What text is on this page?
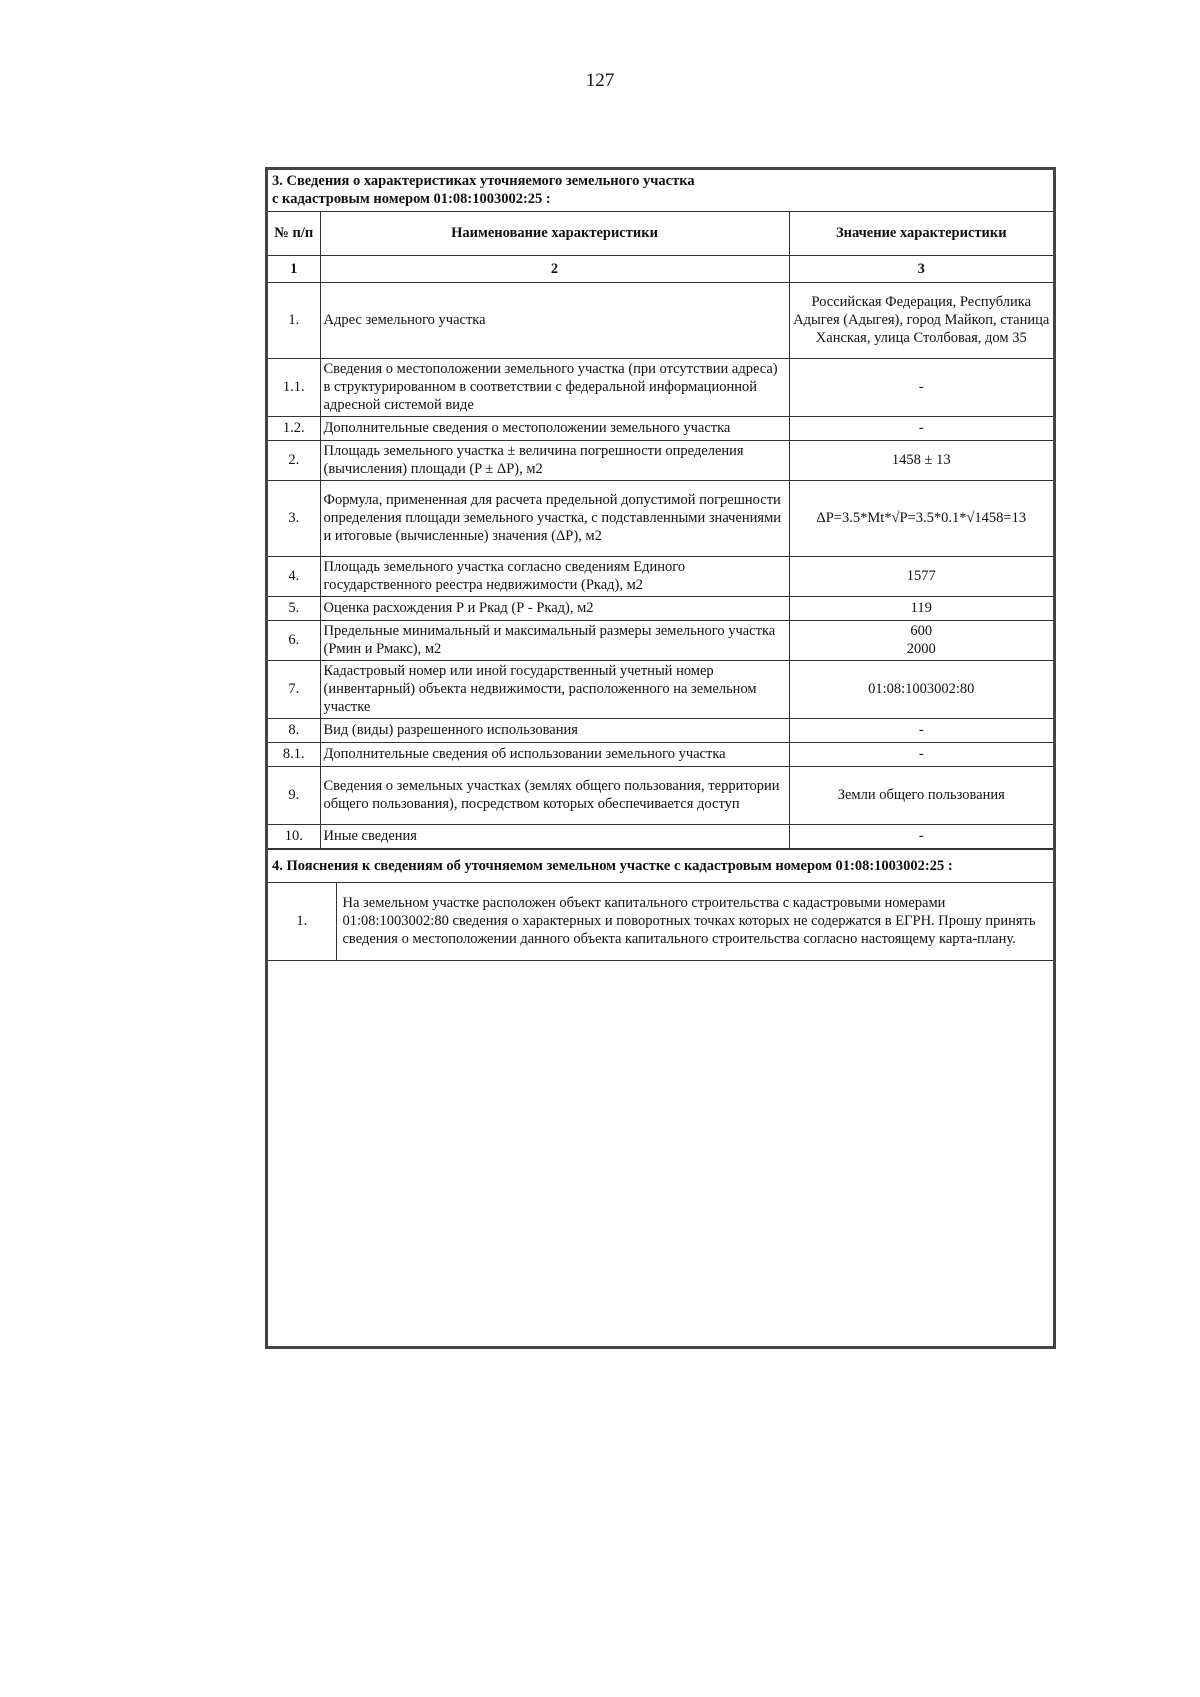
127
3. Сведения о характеристиках уточняемого земельного участка
с кадастровым номером 01:08:1003002:25 :		

№ п/п	Наименование характеристики	Значение характеристики
1	2	3
1.	Адрес земельного участка	Российская Федерация, Республика Адыгея (Адыгея), город Майкоп, станица Ханская, улица Столбовая, дом 35
1.1.	Сведения о местоположении земельного участка (при отсутствии адреса) в структурированном в соответствии с федеральной информационной адресной системой виде	-
1.2.	Дополнительные сведения о местоположении земельного участка	-
2.	Площадь земельного участка ± величина погрешности определения (вычисления) площади (P ± ΔP), м2	1458 ± 13
3.	Формула, примененная для расчета предельной допустимой погрешности определения площади земельного участка, с подставленными значениями и итоговые (вычисленные) значения (ΔP), м2	ΔP=3.5*Mt*√P=3.5*0.1*√1458=13
4.	Площадь земельного участка согласно сведениям Единого государственного реестра недвижимости (Ркад), м2	1577
5.	Оценка расхождения Р и Ркад (Р - Ркад), м2	119
6.	Предельные минимальный и максимальный размеры земельного участка (Рмин и Рмакс), м2	600
2000
7.	Кадастровый номер или иной государственный учетный номер (инвентарный) объекта недвижимости, расположенного на земельном участке	01:08:1003002:80
8.	Вид (виды) разрешенного использования	-
8.1.	Дополнительные сведения об использовании земельного участка	-
9.	Сведения о земельных участках (землях общего пользования, территории общего пользования), посредством которых обеспечивается доступ	Земли общего пользования
10.	Иные сведения	-
4. Пояснения к сведениям об уточняемом земельном участке с кадастровым номером 01:08:1003002:25 :
1.	На земельном участке расположен объект капитального строительства с кадастровыми номерами 01:08:1003002:80 сведения о характерных и поворотных точках которых не содержатся в ЕГРН. Прошу принять сведения о местоположении данного объекта капитального строительства согласно настоящему карта-плану.
